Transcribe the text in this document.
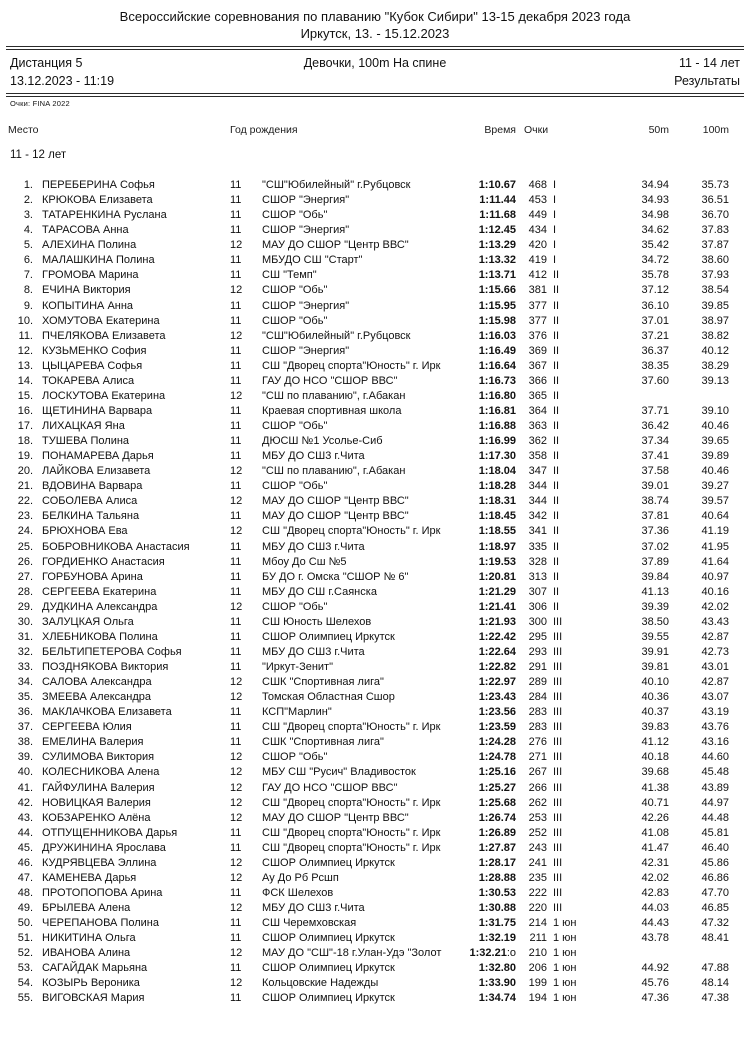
Всероссийские соревнования по плаванию "Кубок Сибири" 13-15 декабря 2023 года
Иркутск, 13. - 15.12.2023
Дистанция 5
13.12.2023 - 11:19
Девочки, 100m На спине	11 - 14 лет
Результаты
Очки: FINA 2022
Место	Год рождения	Время Очки	50m	100m
11 - 12 лет
1. ПЕРЕБЕРИНА Софья	11	"СШ"Юбилейный" г.Рубцовск	1:10.67	468 I	34.94	35.73
2. КРЮКОВА Елизавета	11	СШОР "Энергия"	1:11.44	453 I	34.93	36.51
3. ТАТАРЕНКИНА Руслана	11	СШОР "Обь"	1:11.68	449 I	34.98	36.70
4. ТАРАСОВА Анна	11	СШОР "Энергия"	1:12.45	434 I	34.62	37.83
5. АЛЕХИНА Полина	12	МАУ ДО СШОР "Центр ВВС"	1:13.29	420 I	35.42	37.87
6. МАЛАШКИНА Полина	11	МБУДО СШ "Старт"	1:13.32	419 I	34.72	38.60
7. ГРОМОВА Марина	11	СШ "Темп"	1:13.71	412 II	35.78	37.93
8. ЕЧИНА Виктория	12	СШОР "Обь"	1:15.66	381 II	37.12	38.54
9. КОПЫТИНА Анна	11	СШОР "Энергия"	1:15.95	377 II	36.10	39.85
10. ХОМУТОВА Екатерина	11	СШОР "Обь"	1:15.98	377 II	37.01	38.97
11. ПЧЕЛЯКОВА Елизавета	12	"СШ"Юбилейный" г.Рубцовск	1:16.03	376 II	37.21	38.82
12. КУЗЬМЕНКО София	11	СШОР "Энергия"	1:16.49	369 II	36.37	40.12
13. ЦЫЦАРЕВА Софья	11	СШ "Дворец спорта"Юность" г. Ирк	1:16.64	367 II	38.35	38.29
14. ТОКАРЕВА Алиса	11	ГАУ ДО НСО "СШОР ВВС"	1:16.73	366 II	37.60	39.13
15. ЛОСКУТОВА Екатерина	12	"СШ по плаванию", г.Абакан	1:16.80	365 II
16. ЩЕТИНИНА Варвара	11	Краевая спортивная школа	1:16.81	364 II	37.71	39.10
17. ЛИХАЦКАЯ Яна	11	СШОР "Обь"	1:16.88	363 II	36.42	40.46
18. ТУШЕВА Полина	11	ДЮСШ №1 Усолье-Сиб	1:16.99	362 II	37.34	39.65
19. ПОНАМАРЕВА Дарья	11	МБУ ДО СШ3 г.Чита	1:17.30	358 II	37.41	39.89
20. ЛАЙКОВА Елизавета	12	"СШ по плаванию", г.Абакан	1:18.04	347 II	37.58	40.46
21. ВДОВИНА Варвара	11	СШОР "Обь"	1:18.28	344 II	39.01	39.27
22. СОБОЛЕВА Алиса	12	МАУ ДО СШОР "Центр ВВС"	1:18.31	344 II	38.74	39.57
23. БЕЛКИНА Тальяна	11	МАУ ДО СШОР "Центр ВВС"	1:18.45	342 II	37.81	40.64
24. БРЮХНОВА Ева	12	СШ "Дворец спорта"Юность" г. Ирк	1:18.55	341 II	37.36	41.19
25. БОБРОВНИКОВА Анастасия	11	МБУ ДО СШ3 г.Чита	1:18.97	335 II	37.02	41.95
26. ГОРДИЕНКО Анастасия	11	Мбоу До Сш №5	1:19.53	328 II	37.89	41.64
27. ГОРБУНОВА Арина	11	БУ ДО г. Омска "СШОР № 6"	1:20.81	313 II	39.84	40.97
28. СЕРГЕЕВА Екатерина	11	МБУ ДО СШ г.Саянска	1:21.29	307 II	41.13	40.16
29. ДУДКИНА Александра	12	СШОР "Обь"	1:21.41	306 II	39.39	42.02
30. ЗАЛУЦКАЯ Ольга	11	СШ Юность Шелехов	1:21.93	300 III	38.50	43.43
31. ХЛЕБНИКОВА Полина	11	СШОР Олимпиец Иркутск	1:22.42	295 III	39.55	42.87
32. БЕЛЬТИПЕТЕРОВА Софья	11	МБУ ДО СШ3 г.Чита	1:22.64	293 III	39.91	42.73
33. ПОЗДНЯКОВА Виктория	11	"Иркут-Зенит"	1:22.82	291 III	39.81	43.01
34. САЛОВА Александра	12	СШК "Спортивная лига"	1:22.97	289 III	40.10	42.87
35. ЗМЕЕВА Александра	12	Томская Областная Сшор	1:23.43	284 III	40.36	43.07
36. МАКЛАЧКОВА Елизавета	11	КСП"Марлин"	1:23.56	283 III	40.37	43.19
37. СЕРГЕЕВА Юлия	11	СШ "Дворец спорта"Юность" г. Ирк	1:23.59	283 III	39.83	43.76
38. ЕМЕЛИНА Валерия	11	СШК "Спортивная лига"	1:24.28	276 III	41.12	43.16
39. СУЛИМОВА Виктория	12	СШОР "Обь"	1:24.78	271 III	40.18	44.60
40. КОЛЕСНИКОВА Алена	12	МБУ СШ "Русич" Владивосток	1:25.16	267 III	39.68	45.48
41. ГАЙФУЛИНА Валерия	12	ГАУ ДО НСО "СШОР ВВС"	1:25.27	266 III	41.38	43.89
42. НОВИЦКАЯ Валерия	12	СШ "Дворец спорта"Юность" г. Ирк	1:25.68	262 III	40.71	44.97
43. КОБЗАРЕНКО Алёна	12	МАУ ДО СШОР "Центр ВВС"	1:26.74	253 III	42.26	44.48
44. ОТПУЩЕННИКОВА Дарья	11	СШ "Дворец спорта"Юность" г. Ирк	1:26.89	252 III	41.08	45.81
45. ДРУЖИНИНА Ярослава	11	СШ "Дворец спорта"Юность" г. Ирк	1:27.87	243 III	41.47	46.40
46. КУДРЯВЦЕВА Эллина	12	СШОР Олимпиец Иркутск	1:28.17	241 III	42.31	45.86
47. КАМЕНЕВА Дарья	12	Ау До Рб Рсшп	1:28.88	235 III	42.02	46.86
48. ПРОТОПОПОВА Арина	11	ФСК Шелехов	1:30.53	222 III	42.83	47.70
49. БРЫЛЕВА Алена	12	МБУ ДО СШ3 г.Чита	1:30.88	220 III	44.03	46.85
50. ЧЕРЕПАНОВА Полина	11	СШ Черемховская	1:31.75	214 1 юн	44.43	47.32
51. НИКИТИНА Ольга	11	СШОР Олимпиец Иркутск	1:32.19	211 1 юн	43.78	48.41
52. ИВАНОВА Алина	12	МАУ ДО "СШ"-18 г.Улан-Удэ "Золот	1:32.21:о	210 1 юн
53. САГАЙДАК Марьяна	11	СШОР Олимпиец Иркутск	1:32.80	206 1 юн	44.92	47.88
54. КОЗЫРЬ Вероника	12	Кольцовские Надежды	1:33.90	199 1 юн	45.76	48.14
55. ВИГОВСКАЯ Мария	11	СШОР Олимпиец Иркутск	1:34.74	194 1 юн	47.36	47.38
